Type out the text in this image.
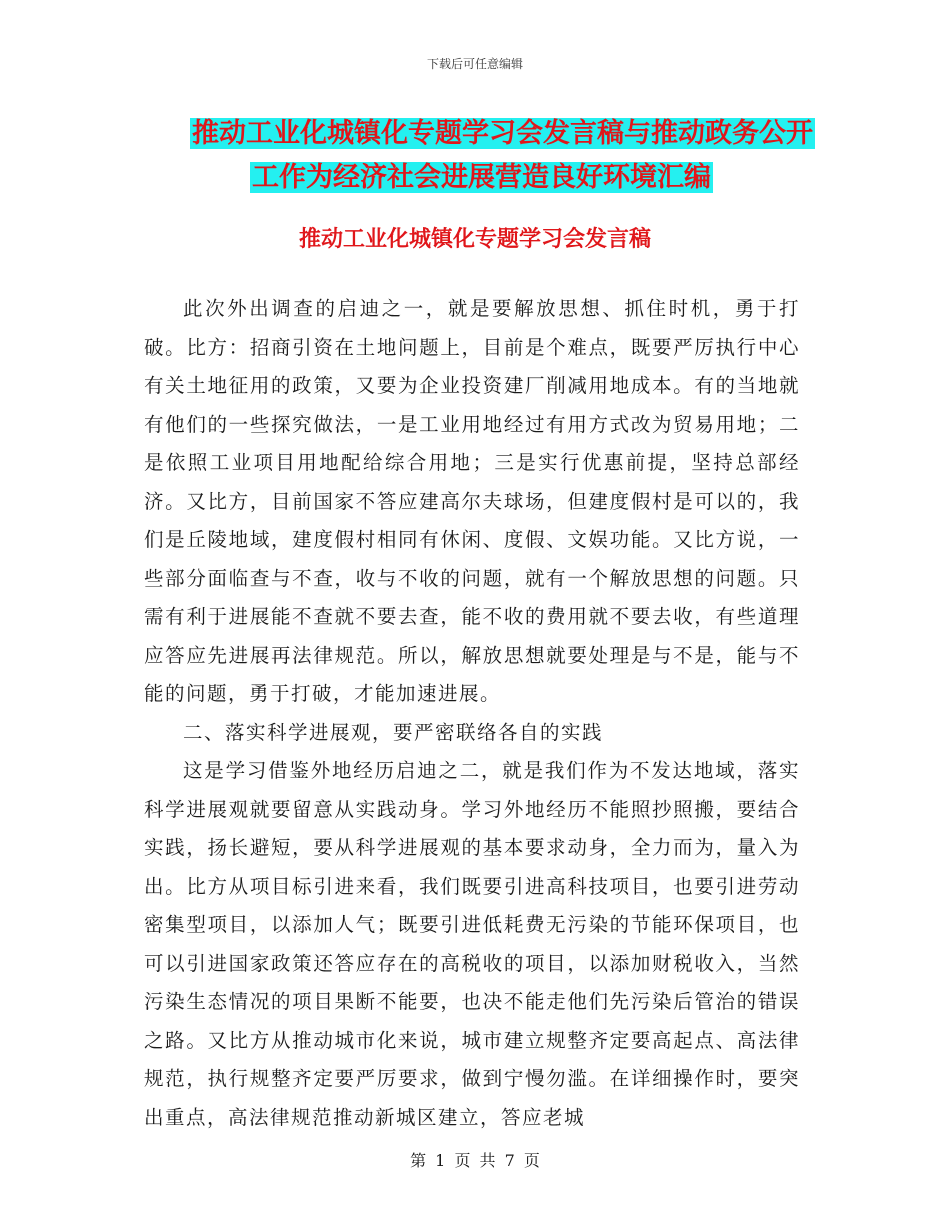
下载后可任意编辑
推动工业化城镇化专题学习会发言稿与推动政务公开
工作为经济社会进展营造良好环境汇编
推动工业化城镇化专题学习会发言稿

此次外出调查的启迪之一，就是要解放思想、抓住时机，勇于打破。比方：招商引资在土地问题上，目前是个难点，既要严厉执行中心有关土地征用的政策，又要为企业投资建厂削减用地成本。有的当地就有他们的一些探究做法，一是工业用地经过有用方式改为贸易用地；二是依照工业项目用地配给综合用地；三是实行优惠前提，坚持总部经济。又比方，目前国家不答应建高尔夫球场，但建度假村是可以的，我们是丘陵地域，建度假村相同有休闲、度假、文娱功能。又比方说，一些部分面临查与不查，收与不收的问题，就有一个解放思想的问题。只需有利于进展能不查就不要去查，能不收的费用就不要去收，有些道理应答应先进展再法律规范。所以，解放思想就要处理是与不是，能与不能的问题，勇于打破，才能加速进展。

二、落实科学进展观，要严密联络各自的实践

这是学习借鉴外地经历启迪之二，就是我们作为不发达地域，落实科学进展观就要留意从实践动身。学习外地经历不能照抄照搬，要结合实践，扬长避短，要从科学进展观的基本要求动身，全力而为，量入为出。比方从项目标引进来看，我们既要引进高科技项目，也要引进劳动密集型项目，以添加人气；既要引进低耗费无污染的节能环保项目，也可以引进国家政策还答应存在的高税收的项目，以添加财税收入，当然污染生态情况的项目果断不能要，也决不能走他们先污染后管治的错误之路。又比方从推动城市化来说，城市建立规整齐定要高起点、高法律规范，执行规整齐定要严厉要求，做到宁慢勿滥。在详细操作时，要突出重点，高法律规范推动新城区建立，答应老城

第 1 页 共 7 页
